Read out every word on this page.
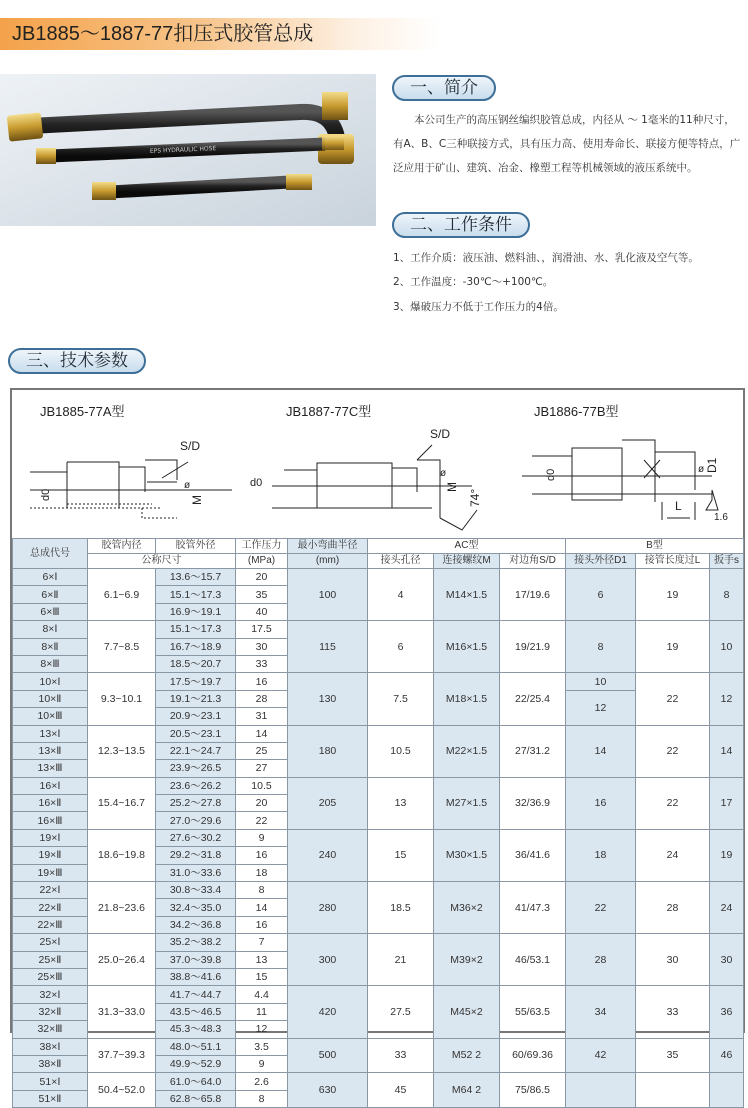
JB1885～1887-77扣压式胶管总成
EPS HYDRAULIC HOSE
一、简介
本公司生产的高压钢丝编织胶管总成，内径从 ～ 1毫米的11种尺寸，有A、B、C三种联接方式，具有压力高、使用寿命长、联接方便等特点，广泛应用于矿山、建筑、冶金、橡塑工程等机械领域的液压系统中。
二、工作条件
1、工作介质：液压油、燃料油、，润滑油、水、乳化液及空气等。
2、工作温度：-30℃～+100℃。
3、爆破压力不低于工作压力的4倍。
三、技术参数
JB1885-77A型
S/D
d0
ø
M
JB1887-77C型
S/D
d0
ø
M
74°
JB1886-77B型
d0	ø D1
L
1.6
总成代号	胶管内径	胶管外径	工作压力	最小弯曲半径	AC型			B型		
	公称尺寸		(MPa)	(mm)	接头孔径	连接螺纹M	对边角S/D	接头外径D1	接管长度过L	扳手s
6×Ⅰ	6.1~6.9	13.6～15.7	20	100	4	M14×1.5	17/19.6	6	19	8
6×Ⅱ		15.1～17.3	35							
6×Ⅲ		16.9～19.1	40							
8×Ⅰ	7.7~8.5	15.1～17.3	17.5	115	6	M16×1.5	19/21.9	8	19	10
8×Ⅱ		16.7～18.9	30							
8×Ⅲ		18.5～20.7	33							
10×Ⅰ	9.3~10.1	17.5～19.7	16	130	7.5	M18×1.5	22/25.4	10	22	12
10×Ⅱ		19.1～21.3	28					12		
10×Ⅲ		20.9～23.1	31							
13×Ⅰ	12.3~13.5	20.5～23.1	14	180	10.5	M22×1.5	27/31.2	14	22	14
13×Ⅱ		22.1～24.7	25							
13×Ⅲ		23.9～26.5	27							
16×Ⅰ	15.4~16.7	23.6～26.2	10.5	205	13	M27×1.5	32/36.9	16	22	17
16×Ⅱ		25.2～27.8	20							
16×Ⅲ		27.0～29.6	22							
19×Ⅰ	18.6~19.8	27.6～30.2	9	240	15	M30×1.5	36/41.6	18	24	19
19×Ⅱ		29.2～31.8	16							
19×Ⅲ		31.0～33.6	18							
22×Ⅰ	21.8~23.6	30.8～33.4	8	280	18.5	M36×2	41/47.3	22	28	24
22×Ⅱ		32.4～35.0	14							
22×Ⅲ		34.2～36.8	16							
25×Ⅰ	25.0~26.4	35.2～38.2	7	300	21	M39×2	46/53.1	28	30	30
25×Ⅱ		37.0～39.8	13							
25×Ⅲ		38.8～41.6	15							
32×Ⅰ	31.3~33.0	41.7～44.7	4.4	420	27.5	M45×2	55/63.5	34	33	36
32×Ⅱ		43.5～46.5	11							
32×Ⅲ		45.3～48.3	12							
38×Ⅰ	37.7~39.3	48.0～51.1	3.5	500	33	M52 2	60/69.36	42	35	46
38×Ⅱ		49.9～52.9	9							
51×Ⅰ	50.4~52.0	61.0～64.0	2.6	630	45	M64 2	75/86.5			
51×Ⅱ		62.8～65.8	8							
